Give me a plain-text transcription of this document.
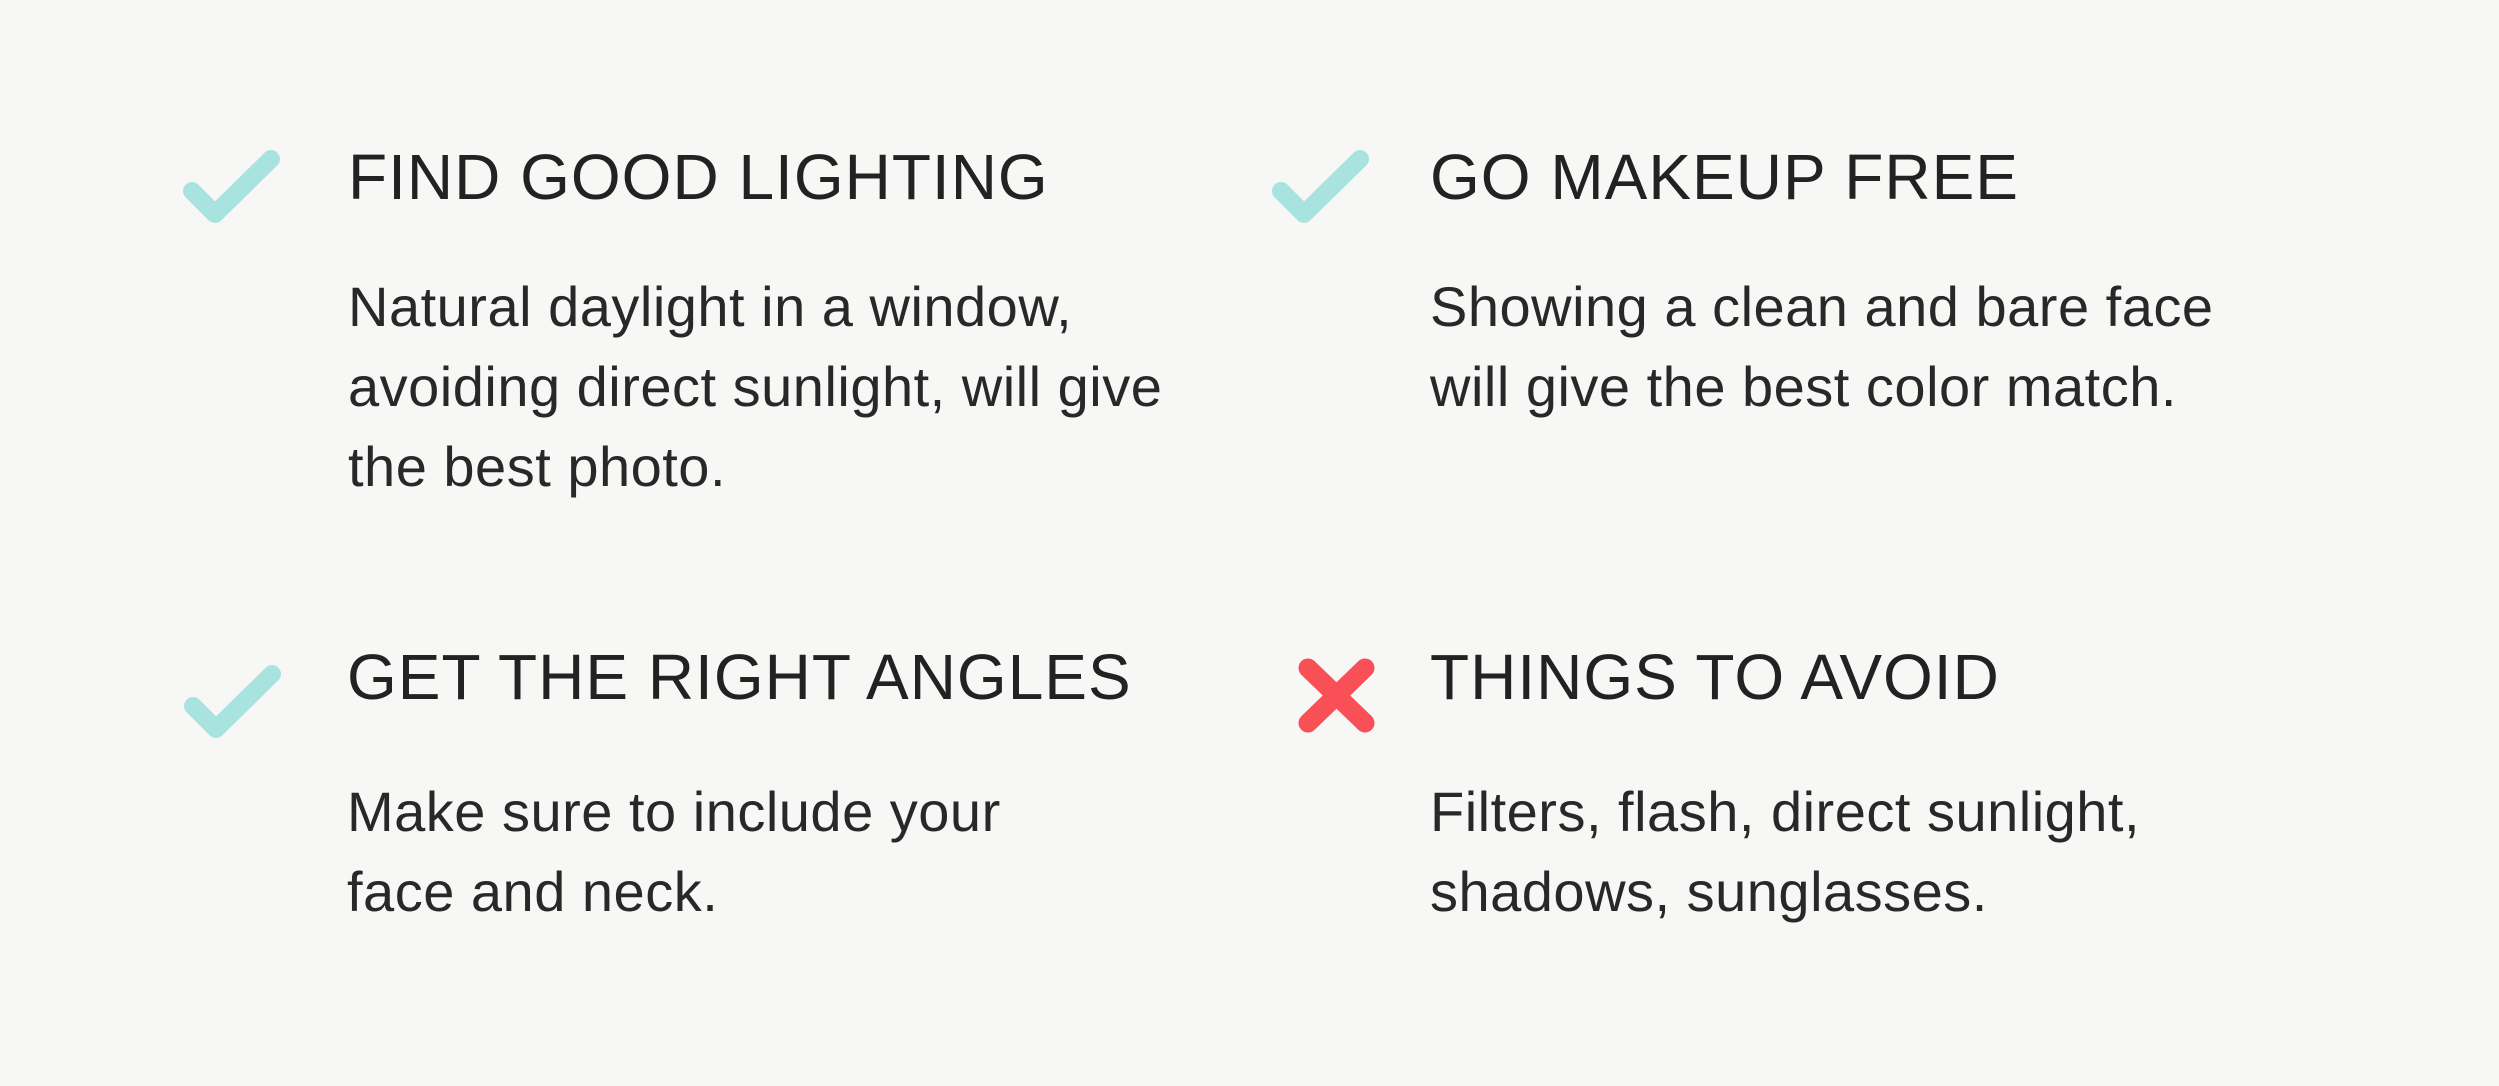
FIND GOOD LIGHTING
Natural daylight in a window,
avoiding direct sunlight, will give
the best photo.
GO MAKEUP FREE
Showing a clean and bare face
will give the best color match.
GET THE RIGHT ANGLES
Make sure to include your
face and neck.
THINGS TO AVOID
Filters, flash, direct sunlight,
shadows, sunglasses.
